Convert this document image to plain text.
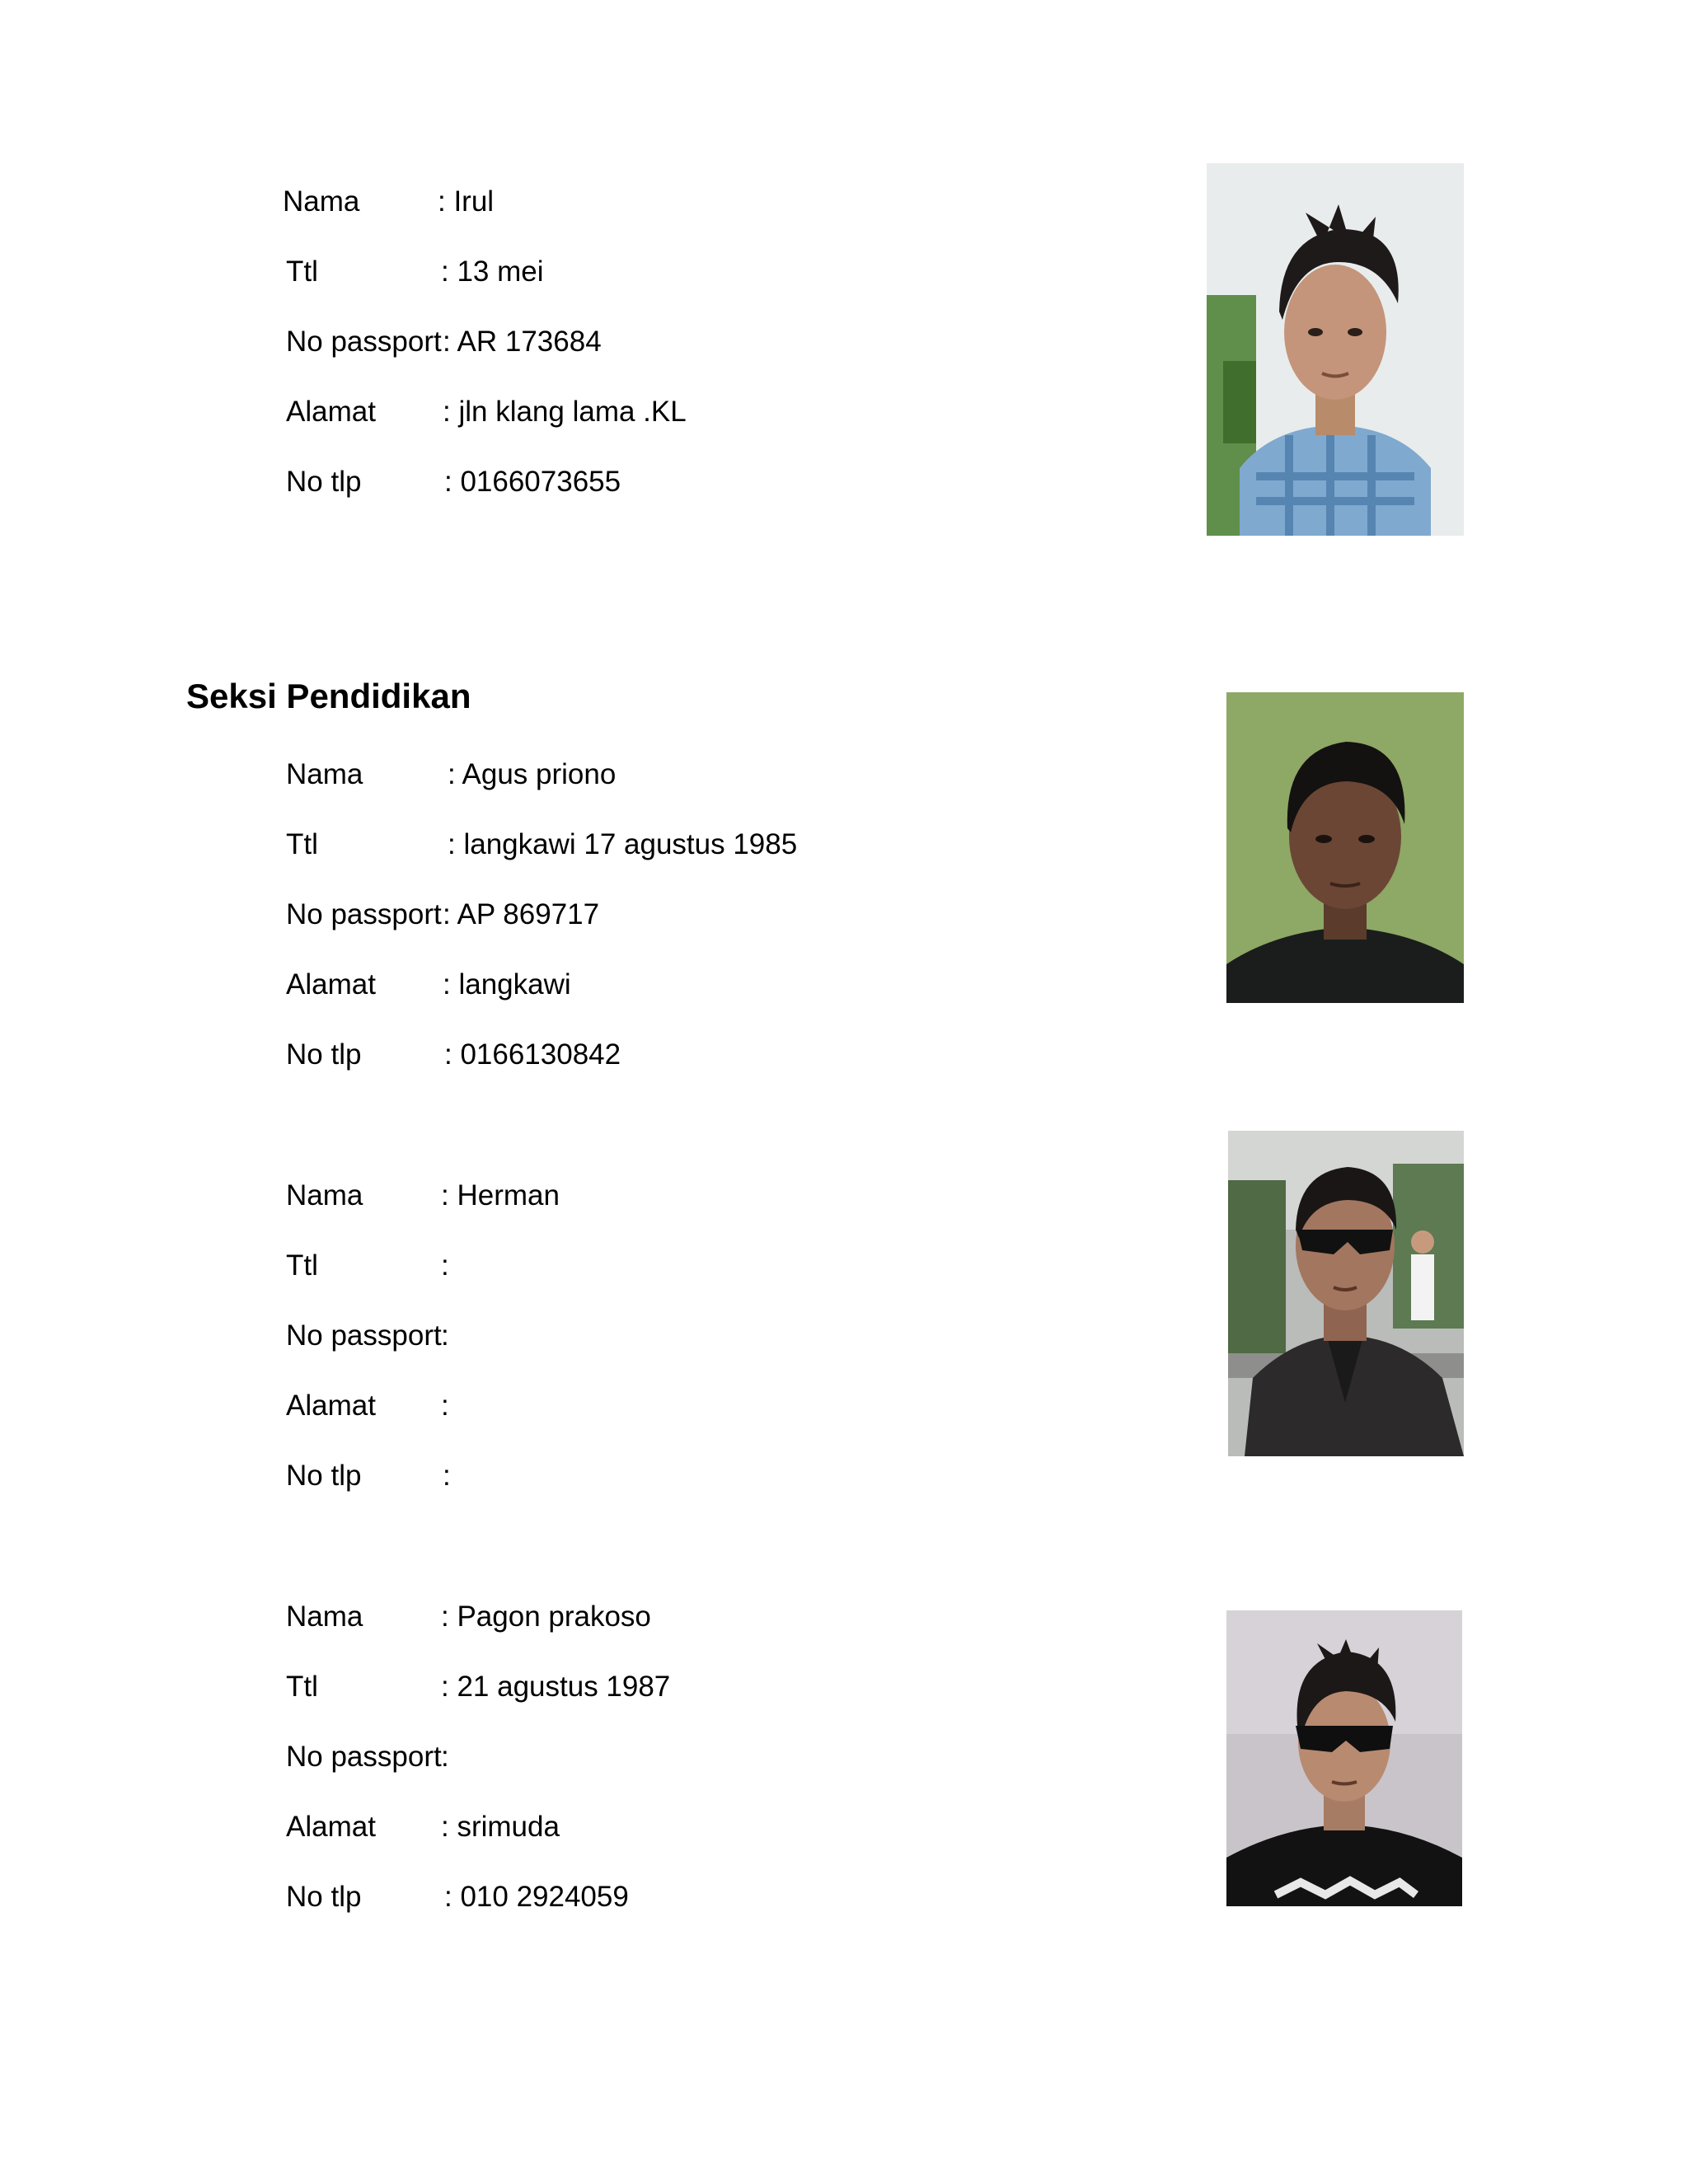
Nama	: Irul
Ttl	: 13 mei
No passport : AR 173684
Alamat : jln klang lama .KL
No tlp	: 0166073655
Seksi Pendidikan
Nama	: Agus priono
Ttl	: langkawi 17 agustus 1985
No passport : AP 869717
Alamat : langkawi
No tlp	: 0166130842
Nama	: Herman
Ttl	:
No passport :
Alamat :
No tlp	:
Nama	: Pagon prakoso
Ttl	: 21 agustus 1987
No passport :
Alamat : srimuda
No tlp	: 010 2924059
